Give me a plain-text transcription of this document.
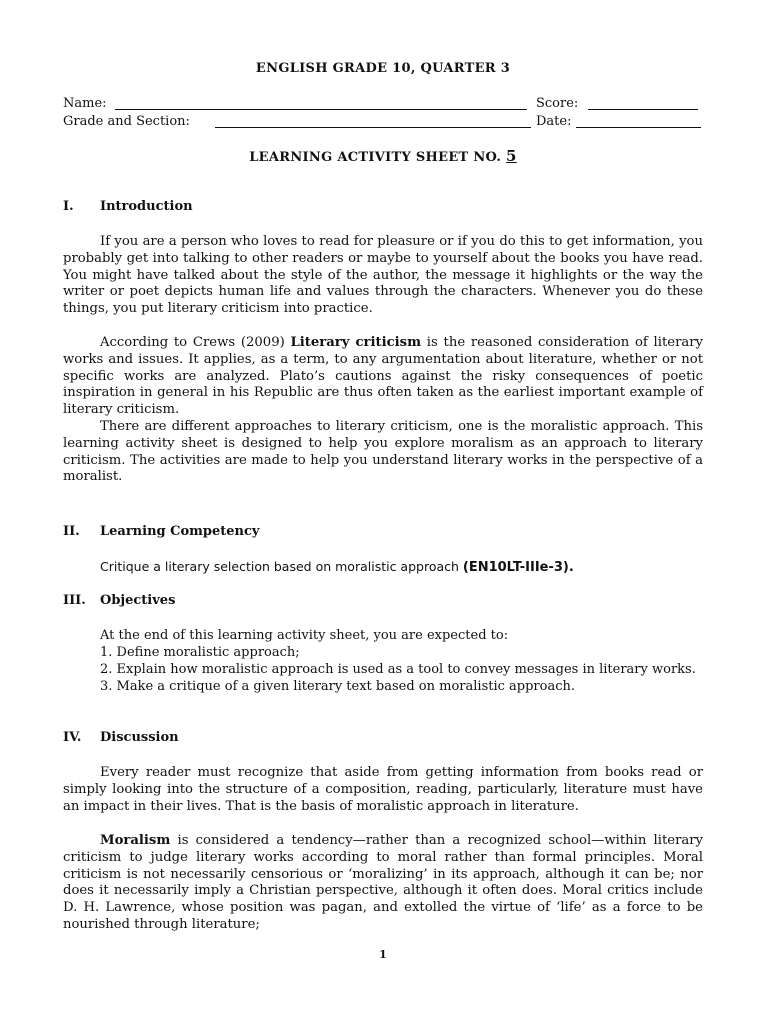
ENGLISH GRADE 10, QUARTER 3
Name:	Score:
Grade and Section:	Date:
LEARNING ACTIVITY SHEET NO. 5
I. Introduction

If you are a person who loves to read for pleasure or if you do this to get information, you probably get into talking to other readers or maybe to yourself about the books you have read. You might have talked about the style of the author, the message it highlights or the way the writer or poet depicts human life and values through the characters. Whenever you do these things, you put literary criticism into practice.

According to Crews (2009) Literary criticism is the reasoned consideration of literary works and issues. It applies, as a term, to any argumentation about literature, whether or not specific works are analyzed. Plato’s cautions against the risky consequences of poetic inspiration in general in his Republic are thus often taken as the earliest important example of literary criticism.

There are different approaches to literary criticism, one is the moralistic approach. This learning activity sheet is designed to help you explore moralism as an approach to literary criticism. The activities are made to help you understand literary works in the perspective of a moralist.

II. Learning Competency
Critique a literary selection based on moralistic approach (EN10LT-IIIe-3).
III. Objectives
At the end of this learning activity sheet, you are expected to:
1. Define moralistic approach;
2. Explain how moralistic approach is used as a tool to convey messages in literary works.
3. Make a critique of a given literary text based on moralistic approach.
IV. Discussion

Every reader must recognize that aside from getting information from books read or simply looking into the structure of a composition, reading, particularly, literature must have an impact in their lives. That is the basis of moralistic approach in literature.

Moralism is considered a tendency—rather than a recognized school—within literary criticism to judge literary works according to moral rather than formal principles. Moral criticism is not necessarily censorious or ‘moralizing’ in its approach, although it can be; nor does it necessarily imply a Christian perspective, although it often does. Moral critics include D. H. Lawrence, whose position was pagan, and extolled the virtue of ‘life’ as a force to be nourished through literature;

1
